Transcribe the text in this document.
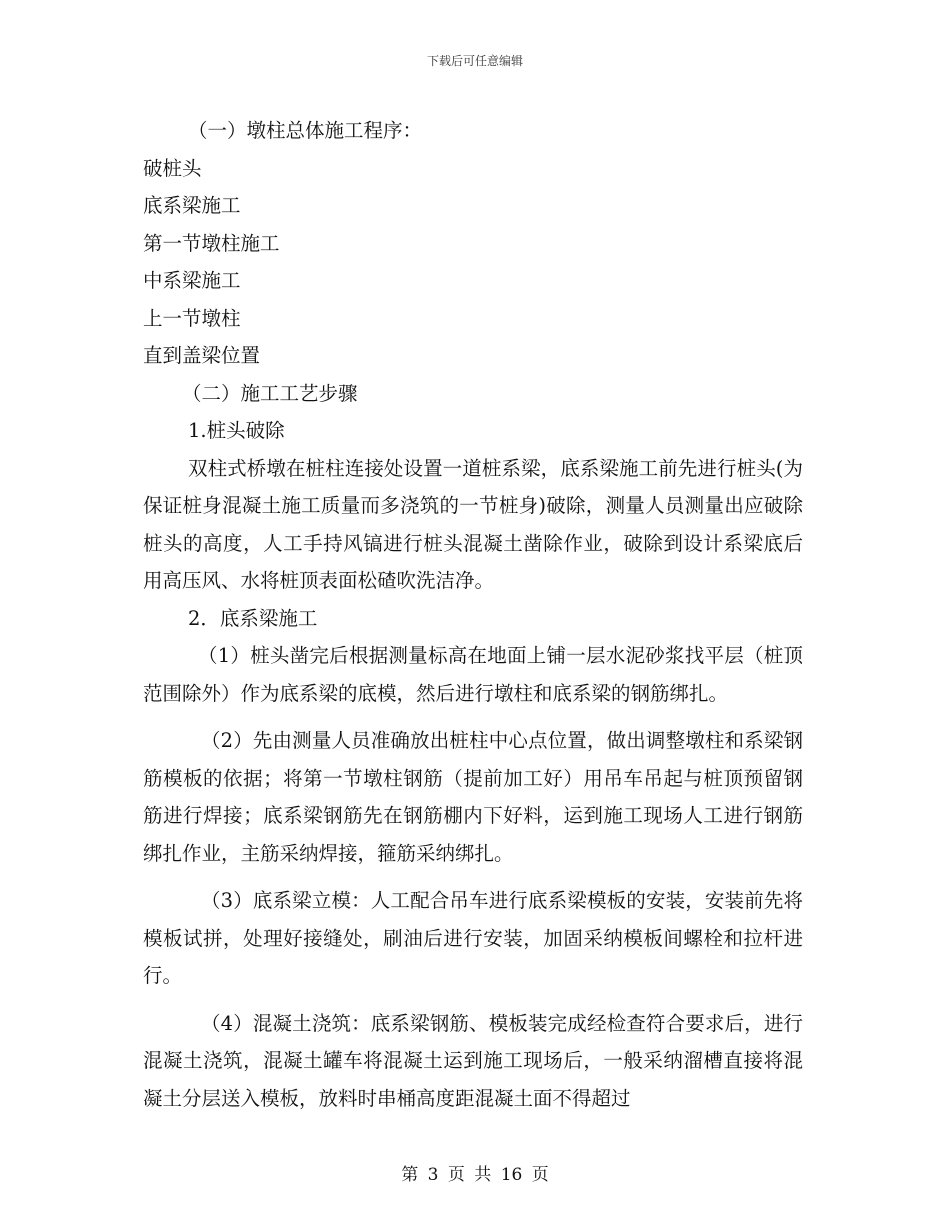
下载后可任意编辑

（一）墩柱总体施工程序：

破桩头

底系梁施工

第一节墩柱施工

中系梁施工

上一节墩柱

直到盖梁位置

（二）施工工艺步骤

1.桩头破除

双柱式桥墩在桩柱连接处设置一道桩系梁，底系梁施工前先进行桩头(为保证桩身混凝土施工质量而多浇筑的一节桩身)破除，测量人员测量出应破除桩头的高度，人工手持风镐进行桩头混凝土凿除作业，破除到设计系梁底后用高压风、水将桩顶表面松碴吹洗洁净。

2．底系梁施工

（1）桩头凿完后根据测量标高在地面上铺一层水泥砂浆找平层（桩顶范围除外）作为底系梁的底模，然后进行墩柱和底系梁的钢筋绑扎。

（2）先由测量人员准确放出桩柱中心点位置，做出调整墩柱和系梁钢筋模板的依据；将第一节墩柱钢筋（提前加工好）用吊车吊起与桩顶预留钢筋进行焊接；底系梁钢筋先在钢筋棚内下好料，运到施工现场人工进行钢筋绑扎作业，主筋采纳焊接，箍筋采纳绑扎。

（3）底系梁立模：人工配合吊车进行底系梁模板的安装，安装前先将模板试拼，处理好接缝处，刷油后进行安装，加固采纳模板间螺栓和拉杆进行。

（4）混凝土浇筑：底系梁钢筋、模板装完成经检查符合要求后，进行混凝土浇筑，混凝土罐车将混凝土运到施工现场后，一般采纳溜槽直接将混凝土分层送入模板，放料时串桶高度距混凝土面不得超过

第 3 页 共 16 页
